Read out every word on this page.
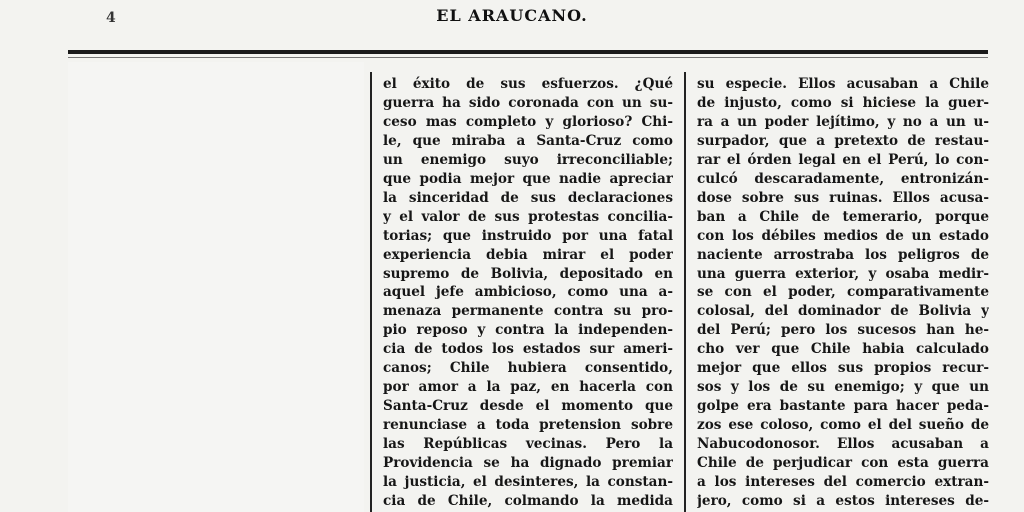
4	EL ARAUCANO.
el éxito de sus esfuerzos. ¿Qué
guerra ha sido coronada con un su-
ceso mas completo y glorioso? Chi-
le, que miraba a Santa-Cruz como
un enemigo suyo irreconciliable;
que podia mejor que nadie apreciar
la sinceridad de sus declaraciones
y el valor de sus protestas concilia-
torias; que instruido por una fatal
experiencia debia mirar el poder
supremo de Bolivia, depositado en
aquel jefe ambicioso, como una a-
menaza permanente contra su pro-
pio reposo y contra la independen-
cia de todos los estados sur ameri-
canos; Chile hubiera consentido,
por amor a la paz, en hacerla con
Santa-Cruz desde el momento que
renunciase a toda pretension sobre
las Repúblicas vecinas. Pero la
Providencia se ha dignado premiar
la justicia, el desinteres, la constan-
cia de Chile, colmando la medida
su especie. Ellos acusaban a Chile
de injusto, como si hiciese la guer-
ra a un poder lejítimo, y no a un u-
surpador, que a pretexto de restau-
rar el órden legal en el Perú, lo con-
culcó descaradamente, entronizán-
dose sobre sus ruinas. Ellos acusa-
ban a Chile de temerario, porque
con los débiles medios de un estado
naciente arrostraba los peligros de
una guerra exterior, y osaba medir-
se con el poder, comparativamente
colosal, del dominador de Bolivia y
del Perú; pero los sucesos han he-
cho ver que Chile habia calculado
mejor que ellos sus propios recur-
sos y los de su enemigo; y que un
golpe era bastante para hacer peda-
zos ese coloso, como el del sueño de
Nabucodonosor. Ellos acusaban a
Chile de perjudicar con esta guerra
a los intereses del comercio extran-
jero, como si a estos intereses de-
